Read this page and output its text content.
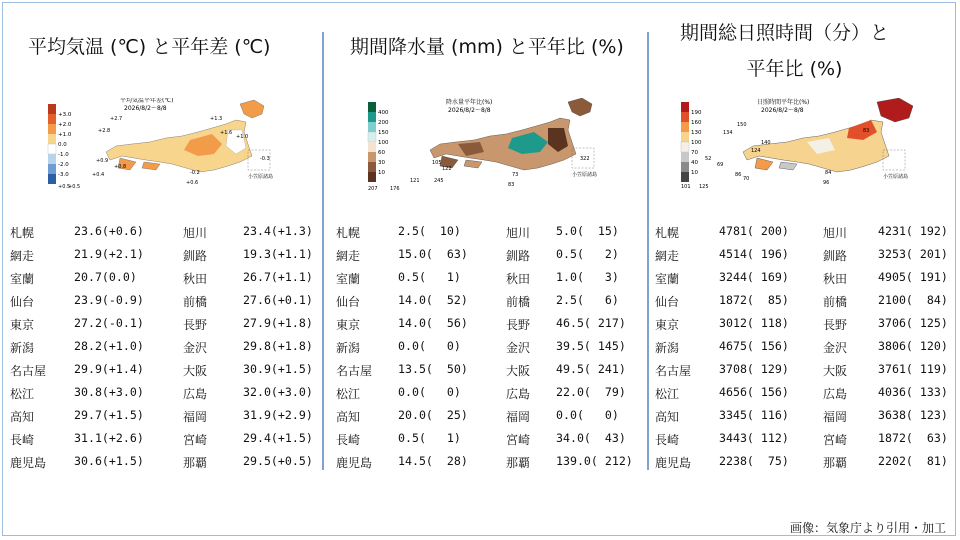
平均気温 (℃) と平年差 (℃)
+3.0
+2.0
+1.0
0.0
-1.0
-2.0
-3.0
平均気温平年差(℃)
2026/8/2～8/8
小笠原諸島
+2.7
+2.8
+1.3
+1.0
+1.6
+0.8
+0.9
+0.5
+0.4
-0.3
-0.2
+0.6
+0.5
札幌	23.6(+0.6)	旭川	23.4(+1.3)
網走	21.9(+2.1)	釧路	19.3(+1.1)
室蘭	20.7(0.0)	秋田	26.7(+1.1)
仙台	23.9(-0.9)	前橋	27.6(+0.1)
東京	27.2(-0.1)	長野	27.9(+1.8)
新潟	28.2(+1.0)	金沢	29.8(+1.8)
名古屋 29.9(+1.4)	大阪	30.9(+1.5)
松江	30.8(+3.0)	広島	32.0(+3.0)
高知	29.7(+1.5)	福岡	31.9(+2.9)
長崎	31.1(+2.6)	宮崎	29.4(+1.5)
鹿児島 30.6(+1.5)	那覇	29.5(+0.5)
期間降水量 (mm) と平年比 (%)
400
200
150
100
60
30
10
降水量平年比(%)
2026/8/2～8/8
小笠原諸島
105
122
207 176
121	245
322
73
83
札幌	2.5(  10)	旭川 5.0(  15)
網走	15.0(  63)	釧路 0.5(   2)
室蘭	0.5(   1)	秋田 1.0(   3)
仙台	14.0(  52)	前橋 2.5(   6)
東京	14.0(  56)	長野 46.5( 217)
新潟	0.0(   0)	金沢 39.5( 145)
名古屋 13.5(  50)	大阪 49.5( 241)
松江	0.0(   0)	広島 22.0(  79)
高知	20.0(  25)	福岡 0.0(   0)
長崎	0.5(   1)	宮崎 34.0(  43)
鹿児島 14.5(  28)	那覇 139.0( 212)
期間総日照時間（分）と
平年比 (%)
190
160
130
100
70
40
10
日照時間平年比(%)
2026/8/2～8/8
小笠原諸島
134
150
140
83
124
69
52
86
70
101
84
96
125
札幌	4781( 200)	旭川	4231( 192)
網走	4514( 196)	釧路	3253( 201)
室蘭	3244( 169)	秋田	4905( 191)
仙台	1872(  85)	前橋	2100(  84)
東京	3012( 118)	長野	3706( 125)
新潟	4675( 156)	金沢	3806( 120)
名古屋 3708( 129)	大阪	3761( 119)
松江	4656( 156)	広島	4036( 133)
高知	3345( 116)	福岡	3638( 123)
長崎	3443( 112)	宮崎	1872(  63)
鹿児島 2238(  75)	那覇	2202(  81)
画像：気象庁より引用・加工
